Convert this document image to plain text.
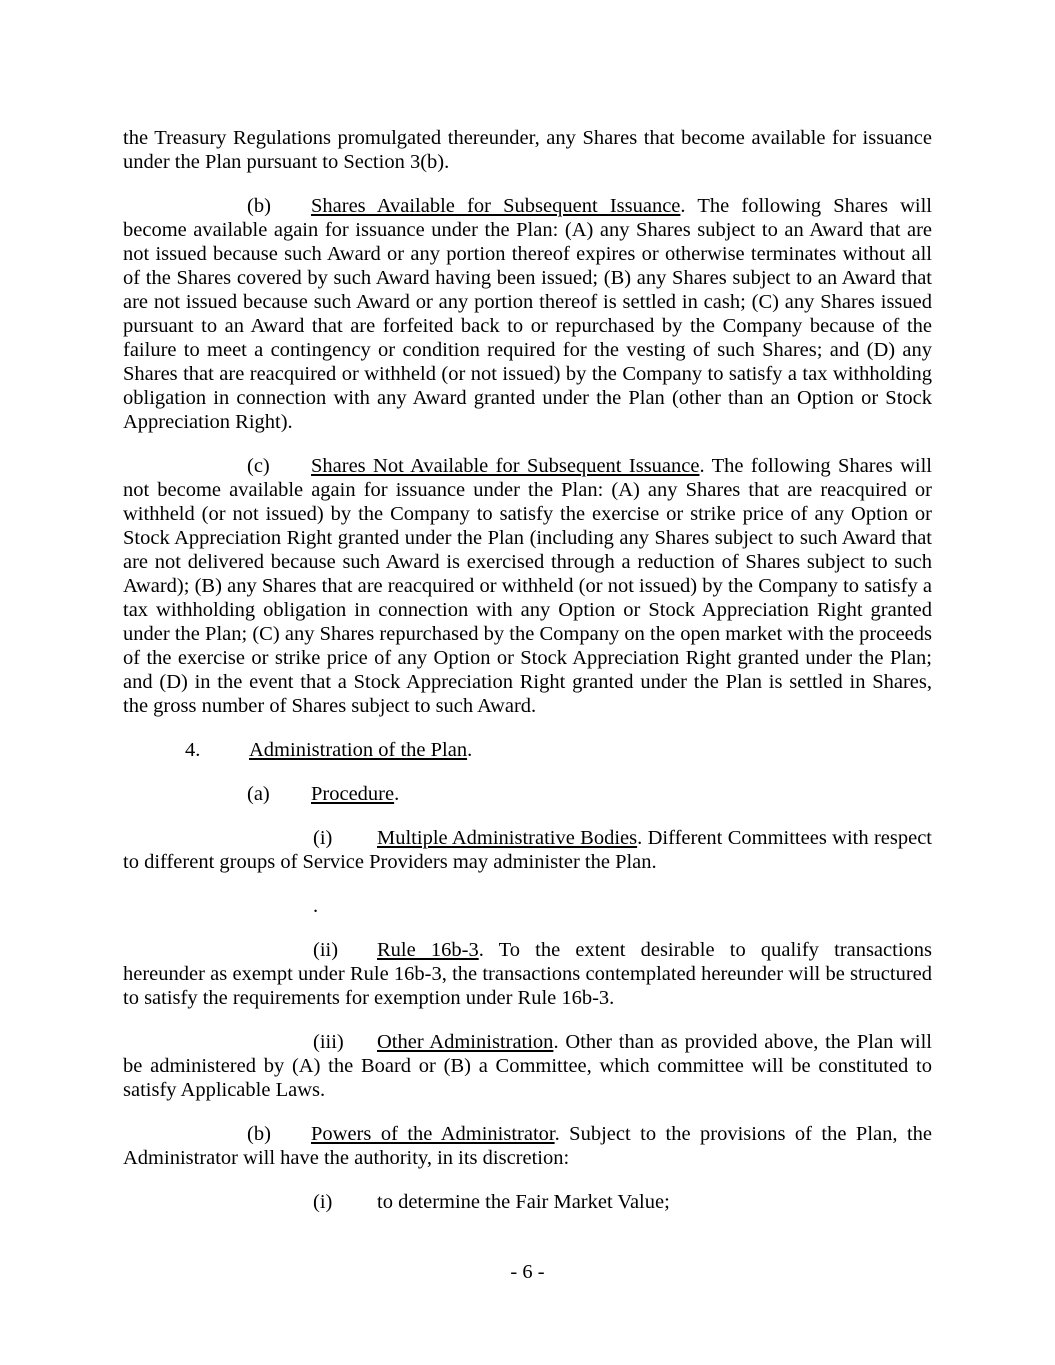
the Treasury Regulations promulgated thereunder, any Shares that become available for issuance under the Plan pursuant to Section 3(b).

(b) Shares Available for Subsequent Issuance. The following Shares will become available again for issuance under the Plan: (A) any Shares subject to an Award that are not issued because such Award or any portion thereof expires or otherwise terminates without all of the Shares covered by such Award having been issued; (B) any Shares subject to an Award that are not issued because such Award or any portion thereof is settled in cash; (C) any Shares issued pursuant to an Award that are forfeited back to or repurchased by the Company because of the failure to meet a contingency or condition required for the vesting of such Shares; and (D) any Shares that are reacquired or withheld (or not issued) by the Company to satisfy a tax withholding obligation in connection with any Award granted under the Plan (other than an Option or Stock Appreciation Right).

(c) Shares Not Available for Subsequent Issuance. The following Shares will not become available again for issuance under the Plan: (A) any Shares that are reacquired or withheld (or not issued) by the Company to satisfy the exercise or strike price of any Option or Stock Appreciation Right granted under the Plan (including any Shares subject to such Award that are not delivered because such Award is exercised through a reduction of Shares subject to such Award); (B) any Shares that are reacquired or withheld (or not issued) by the Company to satisfy a tax withholding obligation in connection with any Option or Stock Appreciation Right granted under the Plan; (C) any Shares repurchased by the Company on the open market with the proceeds of the exercise or strike price of any Option or Stock Appreciation Right granted under the Plan; and (D) in the event that a Stock Appreciation Right granted under the Plan is settled in Shares, the gross number of Shares subject to such Award.

4. Administration of the Plan.

(a) Procedure.

(i) Multiple Administrative Bodies. Different Committees with respect to different groups of Service Providers may administer the Plan.

.

(ii) Rule 16b-3. To the extent desirable to qualify transactions hereunder as exempt under Rule 16b-3, the transactions contemplated hereunder will be structured to satisfy the requirements for exemption under Rule 16b-3.

(iii) Other Administration. Other than as provided above, the Plan will be administered by (A) the Board or (B) a Committee, which committee will be constituted to satisfy Applicable Laws.

(b) Powers of the Administrator. Subject to the provisions of the Plan, the Administrator will have the authority, in its discretion:

(i) to determine the Fair Market Value;

- 6 -
